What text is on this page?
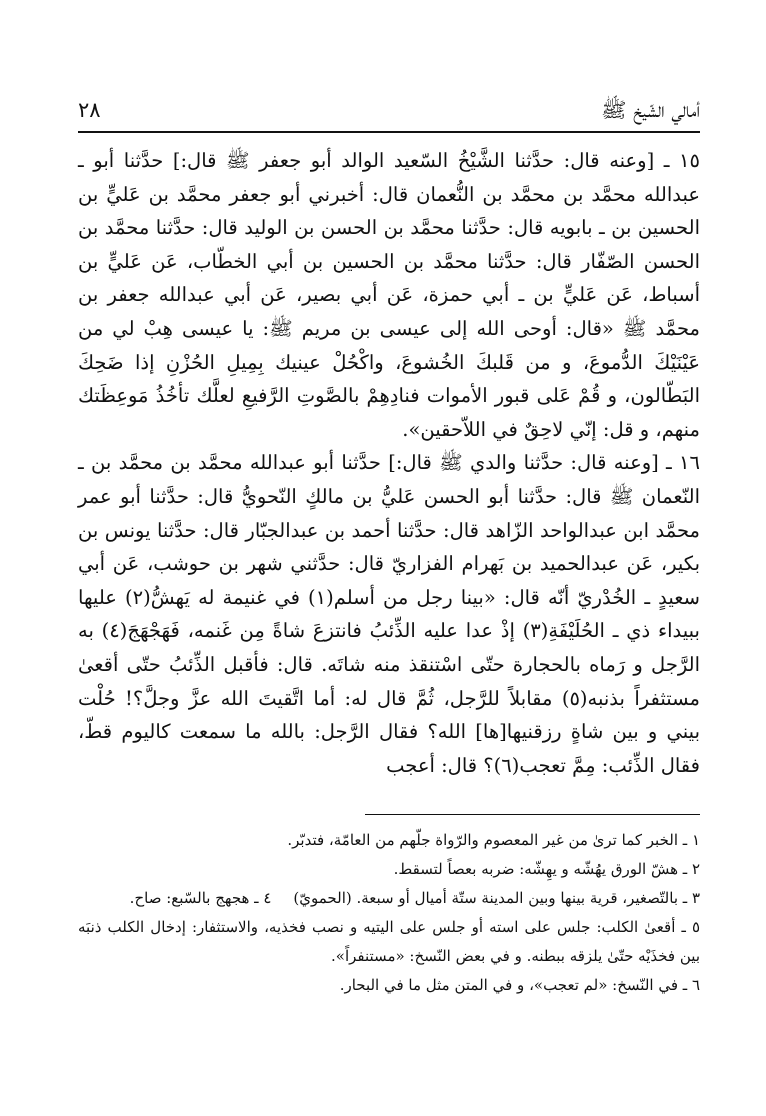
أمالي الشّيخ ﷺ
٢٨

١٥ ـ [وعنه قال: حدَّثنا الشَّيْخُ السّعيد الوالد أبو جعفر ﷺ قال:] حدَّثنا أبو ـ عبدالله محمَّد بن محمَّد بن النُّعمان قال: أخبرني أبو جعفر محمَّد بن عَليٍّ بن الحسين بن ـ بابويه قال: حدَّثنا محمَّد بن الحسن بن الوليد قال: حدَّثنا محمَّد بن الحسن الصّفّار قال: حدَّثنا محمَّد بن الحسين بن أبي الخطّاب، عَن عَليٍّ بن أسباط، عَن عَليٍّ بن ـ أبي حمزة، عَن أبي بصير، عَن أبي عبدالله جعفر بن محمَّد ﷺ «قال: أوحى الله إلى عيسى بن مريم ﷺ: يا عيسى هِبْ لي من عَيْنَيْكَ الدُّموعَ، و من قَلبكَ الخُشوعَ، واكْحُلْ عينيك بِمِيلِ الحُزْنِ إذا ضَحِكَ البَطّالون، و قُمْ عَلى قبور الأموات فنادِهِمْ بالصَّوتِ الرَّفيعِ لعلَّك تأخُذُ مَوعِظَتك منهم، و قل: إنّي لاحِقٌ في اللاّحقين».

١٦ ـ [وعنه قال: حدَّثنا والدي ﷺ قال:] حدَّثنا أبو عبدالله محمَّد بن محمَّد بن ـ النّعمان ﷺ قال: حدَّثنا أبو الحسن عَليُّ بن مالكٍ النّحويُّ قال: حدَّثنا أبو عمر محمَّد ابن عبدالواحد الزّاهد قال: حدَّثنا أحمد بن عبدالجبّار قال: حدَّثنا يونس بن بكير، عَن عبدالحميد بن بَهرام الفزاريّ قال: حدَّثني شهر بن حوشب، عَن أبي سعيدٍ ـ الخُدْريّ أنّه قال: «بينا رجل من أسلم(١) في غنيمة له يَهشُّ(٢) عليها ببيداء ذي ـ الحُلَيْفَةِ(٣) إذْ عدا عليه الذِّئبُ فانتزعَ شاةً مِن غَنمه، فَهَجْهَجَ(٤) به الرَّجل و رَماه بالحجارة حتّى اسْتنقذ منه شاتَه. قال: فأقبل الذِّئبُ حتّى أقعىٰ مستثفراً بذنبه(٥) مقابلاً للرَّجل، ثُمَّ قال له: أما اتَّقيتَ الله عزَّ وجلَّ؟! حُلْت بيني و بين شاةٍ رزقنيها[ها] الله؟ فقال الرَّجل: بالله ما سمعت كاليوم قطّ، فقال الذِّئب: مِمَّ تعجب(٦)؟ قال: أعجب

١ ـ الخبر كما ترىٰ من غير المعصوم والرّواة جلّهم من العامّة، فتدبّر.

٢ ـ هشّ الورق يهُشّه و يهِشّه: ضربه بعصاً لتسقط.

٣ ـ بالتّصغير، قرية بينها وبين المدينة ستّة أميال أو سبعة. (الحمويّ)٤ ـ هجهج بالسّبع: صاح.

٥ ـ أقعىٰ الكلب: جلس على استه أو جلس على اليتيه و نصب فخذيه، والاستثفار: إدخال الكلب ذنبَه بين فخذَيْه حتّىٰ يلزقه ببطنه. و في بعض النّسخ: «مستنفراً».

٦ ـ في النّسخ: «لم تعجب»، و في المتن مثل ما في البحار.
